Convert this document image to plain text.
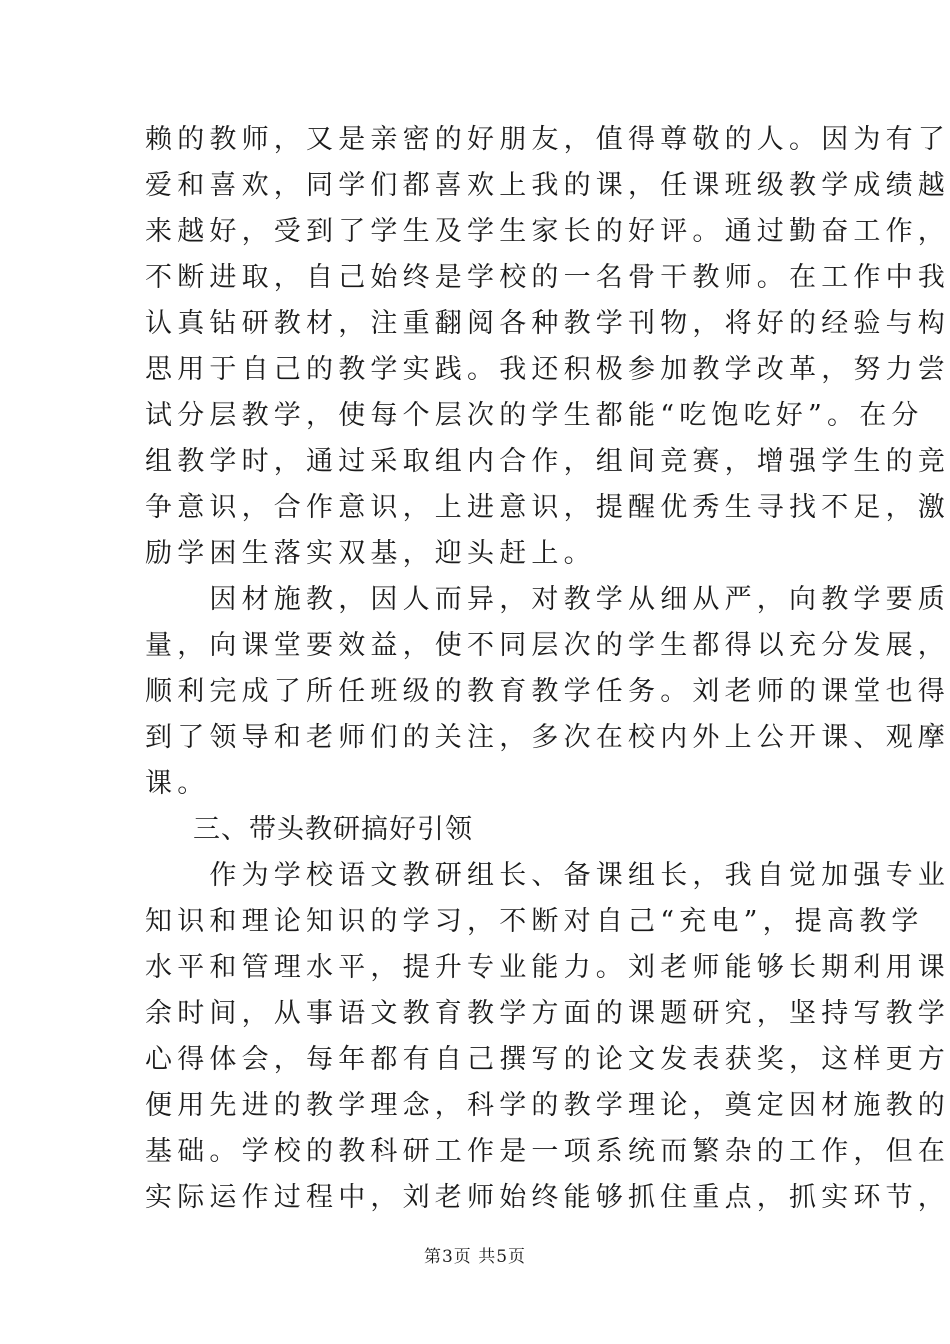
赖的教师，又是亲密的好朋友，值得尊敬的人。因为有了
爱和喜欢，同学们都喜欢上我的课，任课班级教学成绩越
来越好，受到了学生及学生家长的好评。通过勤奋工作，
不断进取，自己始终是学校的一名骨干教师。在工作中我
认真钻研教材，注重翻阅各种教学刊物，将好的经验与构
思用于自己的教学实践。我还积极参加教学改革，努力尝
试分层教学，使每个层次的学生都能“吃饱吃好”。在分
组教学时，通过采取组内合作，组间竞赛，增强学生的竞
争意识，合作意识，上进意识，提醒优秀生寻找不足，激
励学困生落实双基，迎头赶上。
　　因材施教，因人而异，对教学从细从严，向教学要质
量，向课堂要效益，使不同层次的学生都得以充分发展，
顺利完成了所任班级的教育教学任务。刘老师的课堂也得
到了领导和老师们的关注，多次在校内外上公开课、观摩
课。
三、带头教研搞好引领
　　作为学校语文教研组长、备课组长，我自觉加强专业
知识和理论知识的学习，不断对自己“充电”，提高教学
水平和管理水平，提升专业能力。刘老师能够长期利用课
余时间，从事语文教育教学方面的课题研究，坚持写教学
心得体会，每年都有自己撰写的论文发表获奖，这样更方
便用先进的教学理念，科学的教学理论，奠定因材施教的
基础。学校的教科研工作是一项系统而繁杂的工作，但在
实际运作过程中，刘老师始终能够抓住重点，抓实环节，
第3页 共5页
